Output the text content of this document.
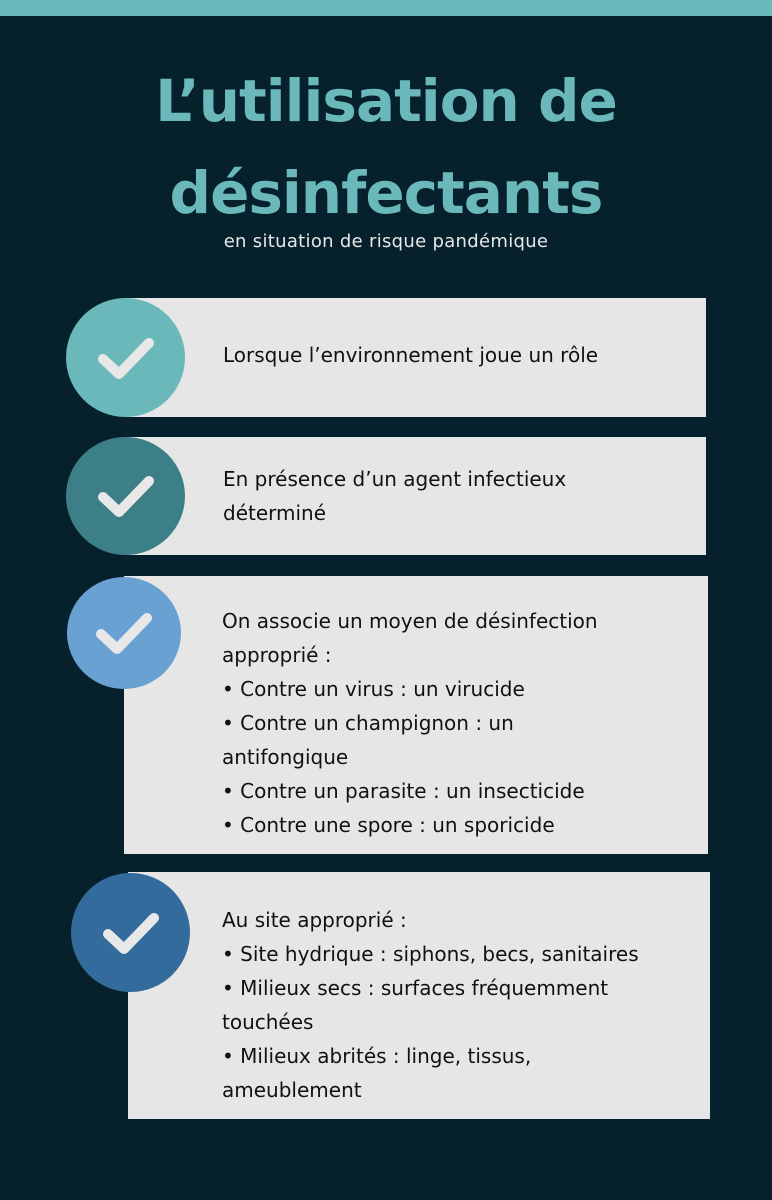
L’utilisation de
désinfectants
en situation de risque pandémique

Lorsque l’environnement joue un rôle

En présence d’un agent infectieux

déterminé

On associe un moyen de désinfection

approprié :

• Contre un virus : un virucide

• Contre un champignon : un

antifongique

• Contre un parasite : un insecticide

• Contre une spore : un sporicide

Au site approprié :

• Site hydrique : siphons, becs, sanitaires

• Milieux secs : surfaces fréquemment

touchées

• Milieux abrités : linge, tissus,

ameublement
